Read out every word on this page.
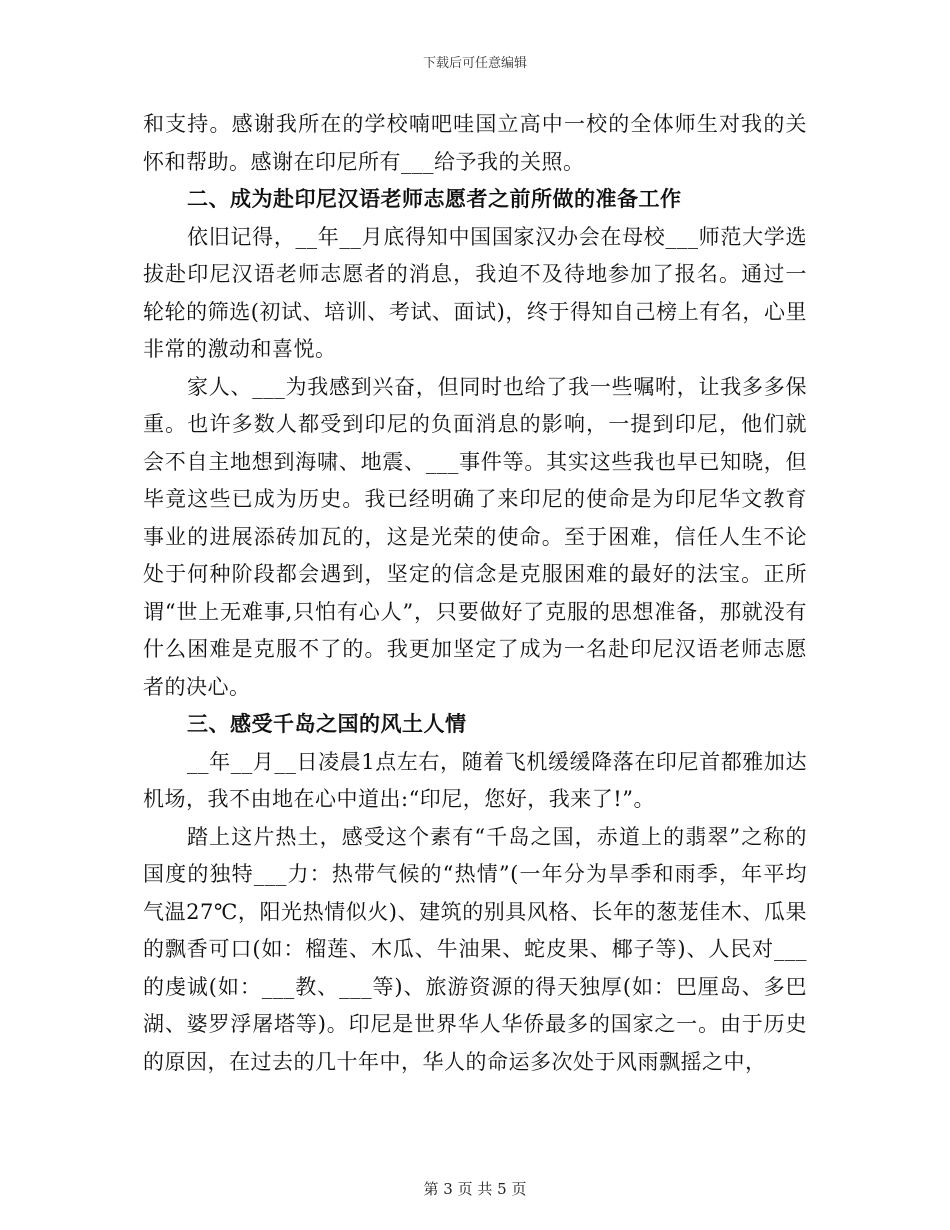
下载后可任意编辑

和支持。感谢我所在的学校喃吧哇国立高中一校的全体师生对我的关怀和帮助。感谢在印尼所有___给予我的关照。

二、成为赴印尼汉语老师志愿者之前所做的准备工作

依旧记得，__年__月底得知中国国家汉办会在母校___师范大学选拔赴印尼汉语老师志愿者的消息，我迫不及待地参加了报名。通过一轮轮的筛选(初试、培训、考试、面试)，终于得知自己榜上有名，心里非常的激动和喜悦。

家人、___为我感到兴奋，但同时也给了我一些嘱咐，让我多多保重。也许多数人都受到印尼的负面消息的影响，一提到印尼，他们就会不自主地想到海啸、地震、___事件等。其实这些我也早已知晓，但毕竟这些已成为历史。我已经明确了来印尼的使命是为印尼华文教育事业的进展添砖加瓦的，这是光荣的使命。至于困难，信任人生不论处于何种阶段都会遇到，坚定的信念是克服困难的最好的法宝。正所谓“世上无难事,只怕有心人”，只要做好了克服的思想准备，那就没有什么困难是克服不了的。我更加坚定了成为一名赴印尼汉语老师志愿者的决心。

三、感受千岛之国的风土人情

__年__月__日凌晨1点左右，随着飞机缓缓降落在印尼首都雅加达机场，我不由地在心中道出:“印尼，您好，我来了!”。

踏上这片热土，感受这个素有“千岛之国，赤道上的翡翠”之称的国度的独特___力：热带气候的“热情”(一年分为旱季和雨季，年平均气温27℃，阳光热情似火)、建筑的别具风格、长年的葱茏佳木、瓜果的飘香可口(如：榴莲、木瓜、牛油果、蛇皮果、椰子等)、人民对___的虔诚(如：___教、___等)、旅游资源的得天独厚(如：巴厘岛、多巴湖、婆罗浮屠塔等)。印尼是世界华人华侨最多的国家之一。由于历史的原因，在过去的几十年中，华人的命运多次处于风雨飘摇之中，

第 3 页 共 5 页
